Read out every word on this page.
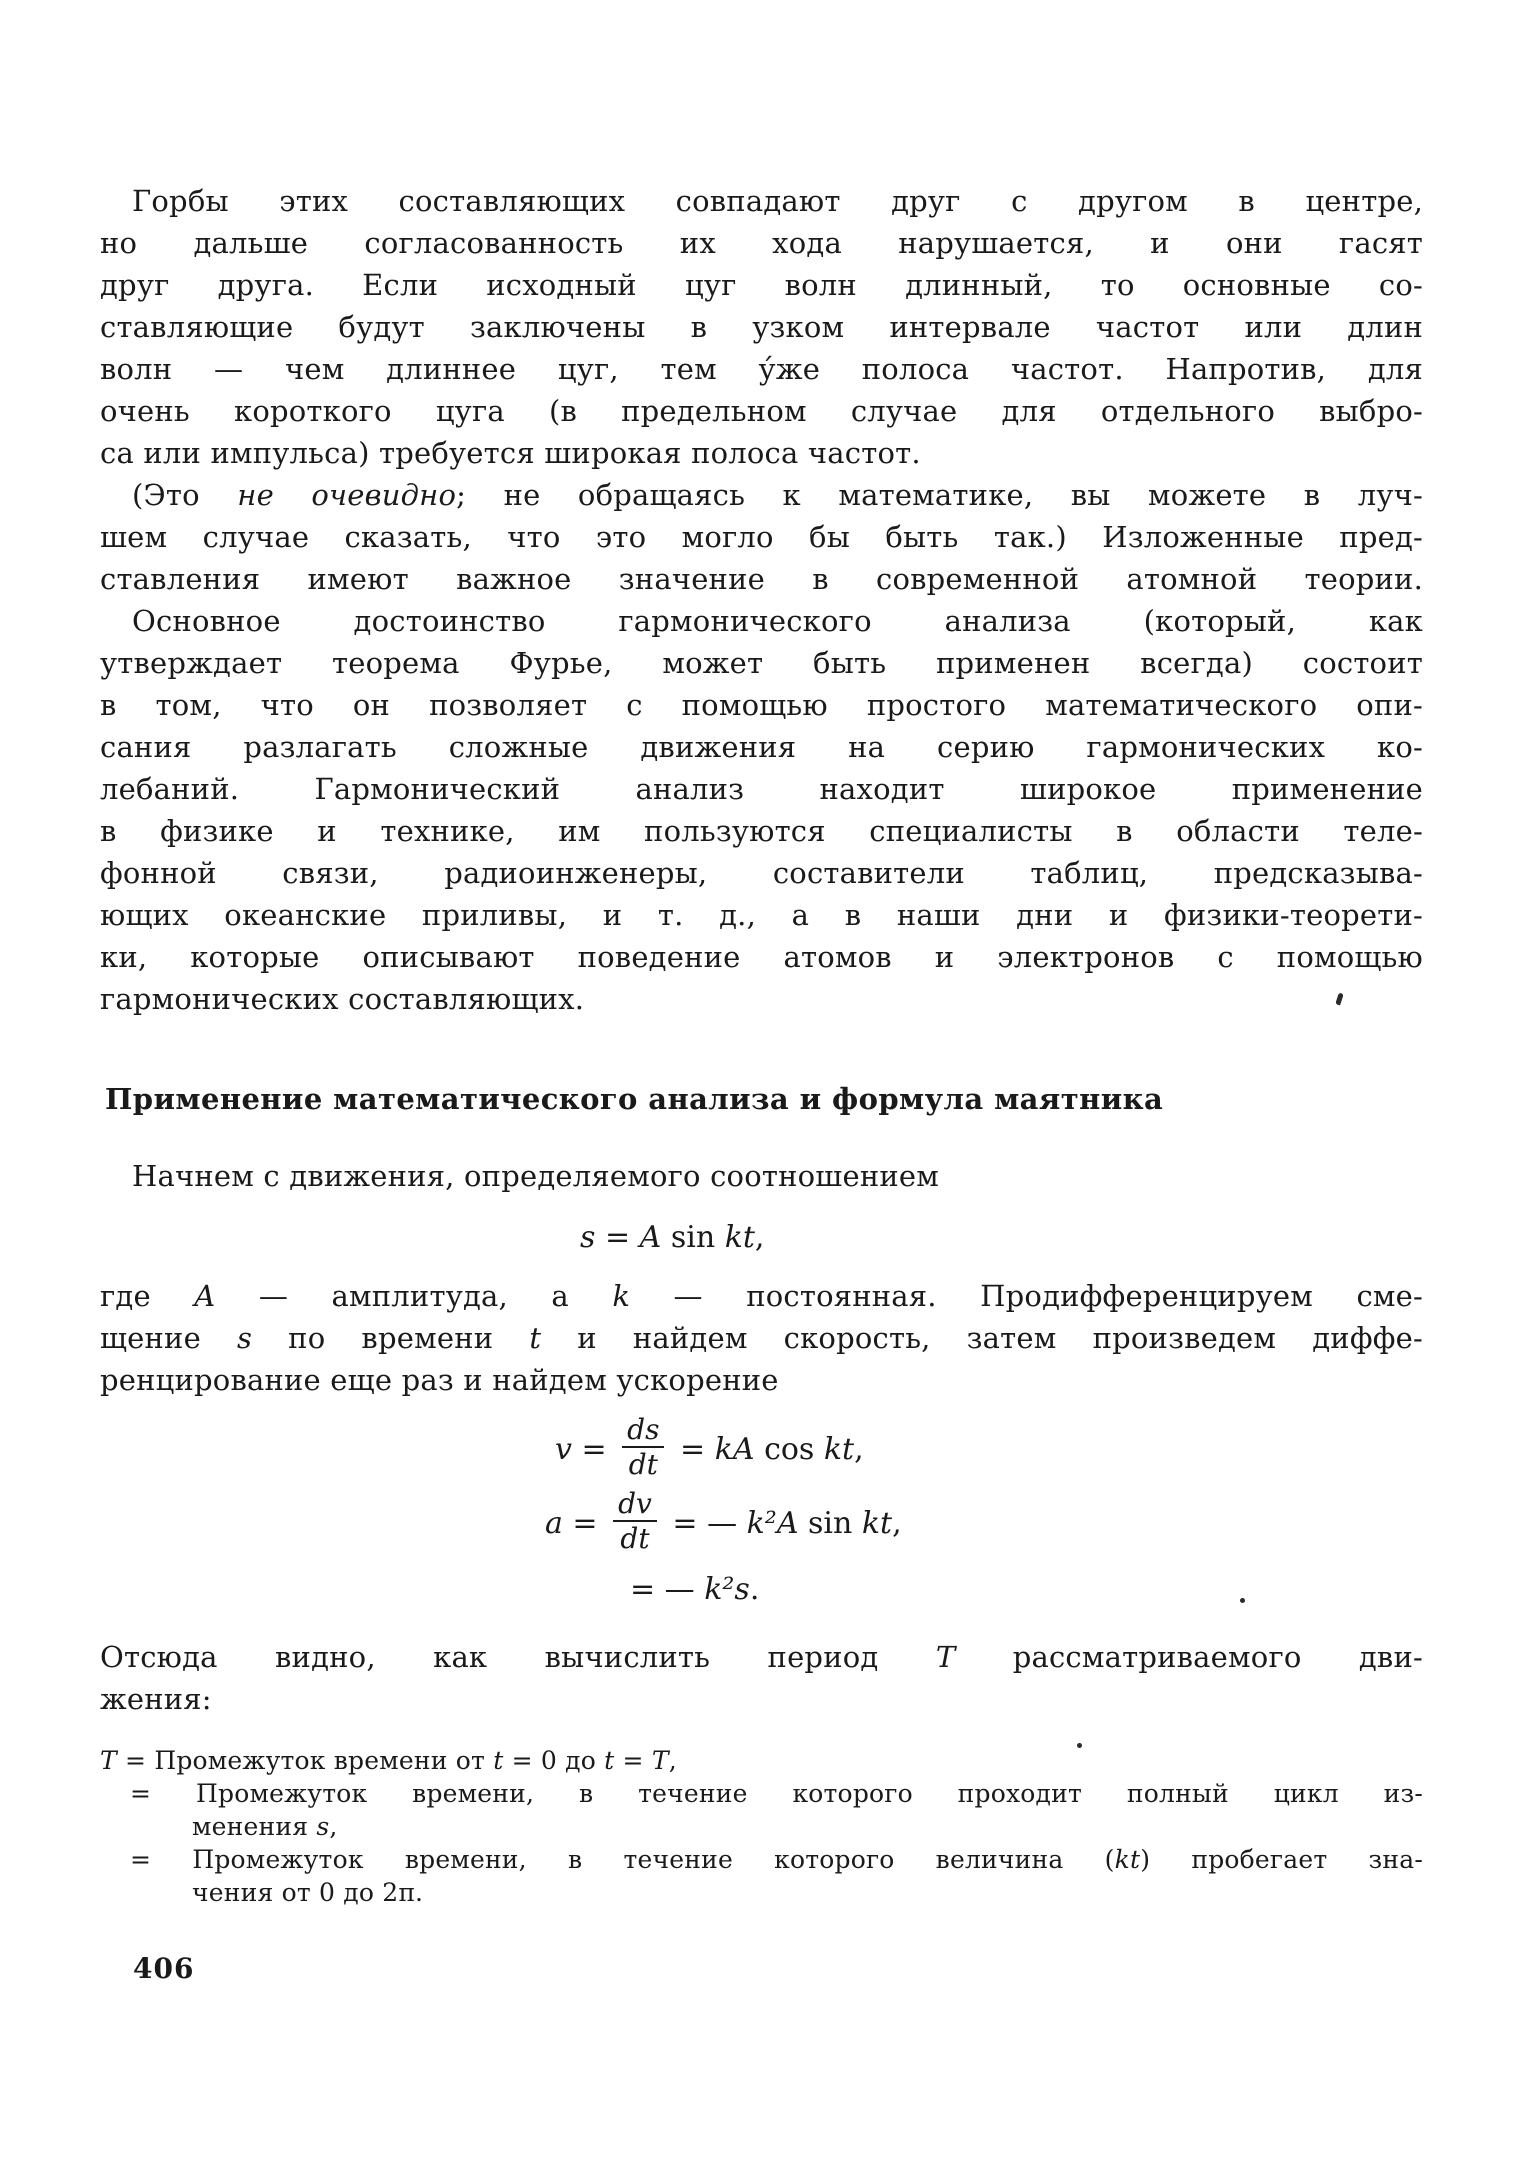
Горбы этих составляющих совпадают друг с другом в центре,
но дальше согласованность их хода нарушается, и они гасят
друг друга. Если исходный цуг волн длинный, то основные со-
ставляющие будут заключены в узком интервале частот или длин
волн — чем длиннее цуг, тем у́же полоса частот. Напротив, для
очень короткого цуга (в предельном случае для отдельного выбро-
са или импульса) требуется широкая полоса частот.
(Это не очевидно; не обращаясь к математике, вы можете в луч-
шем случае сказать, что это могло бы быть так.) Изложенные пред-
ставления имеют важное значение в современной атомной теории.
Основное достоинство гармонического анализа (который, как
утверждает теорема Фурье, может быть применен всегда) состоит
в том, что он позволяет с помощью простого математического опи-
сания разлагать сложные движения на серию гармонических ко-
лебаний. Гармонический анализ находит широкое применение
в физике и технике, им пользуются специалисты в области теле-
фонной связи, радиоинженеры, составители таблиц, предсказыва-
ющих океанские приливы, и т. д., а в наши дни и физики-теорети-
ки, которые описывают поведение атомов и электронов с помощью
гармонических составляющих.
Применение математического анализа и формула маятника
Начнем с движения, определяемого соотношением
s = A sin kt,
где A — амплитуда, а k — постоянная. Продифференцируем сме-
щение s по времени t и найдем скорость, затем произведем диффе-
ренцирование еще раз и найдем ускорение
$v = \frac{ds}{dt}$ = kA cos kt,
$a = \frac{dv}{dt}$ = — k²A sin kt,
= — k²s.
Отсюда видно, как вычислить период T рассматриваемого дви-
жения:
T = Промежуток времени от t = 0 до t = T,
= Промежуток времени, в течение которого проходит полный цикл из-
менения s,
= Промежуток времени, в течение которого величина (kt) пробегает зна-
чения от 0 до 2π.
406
